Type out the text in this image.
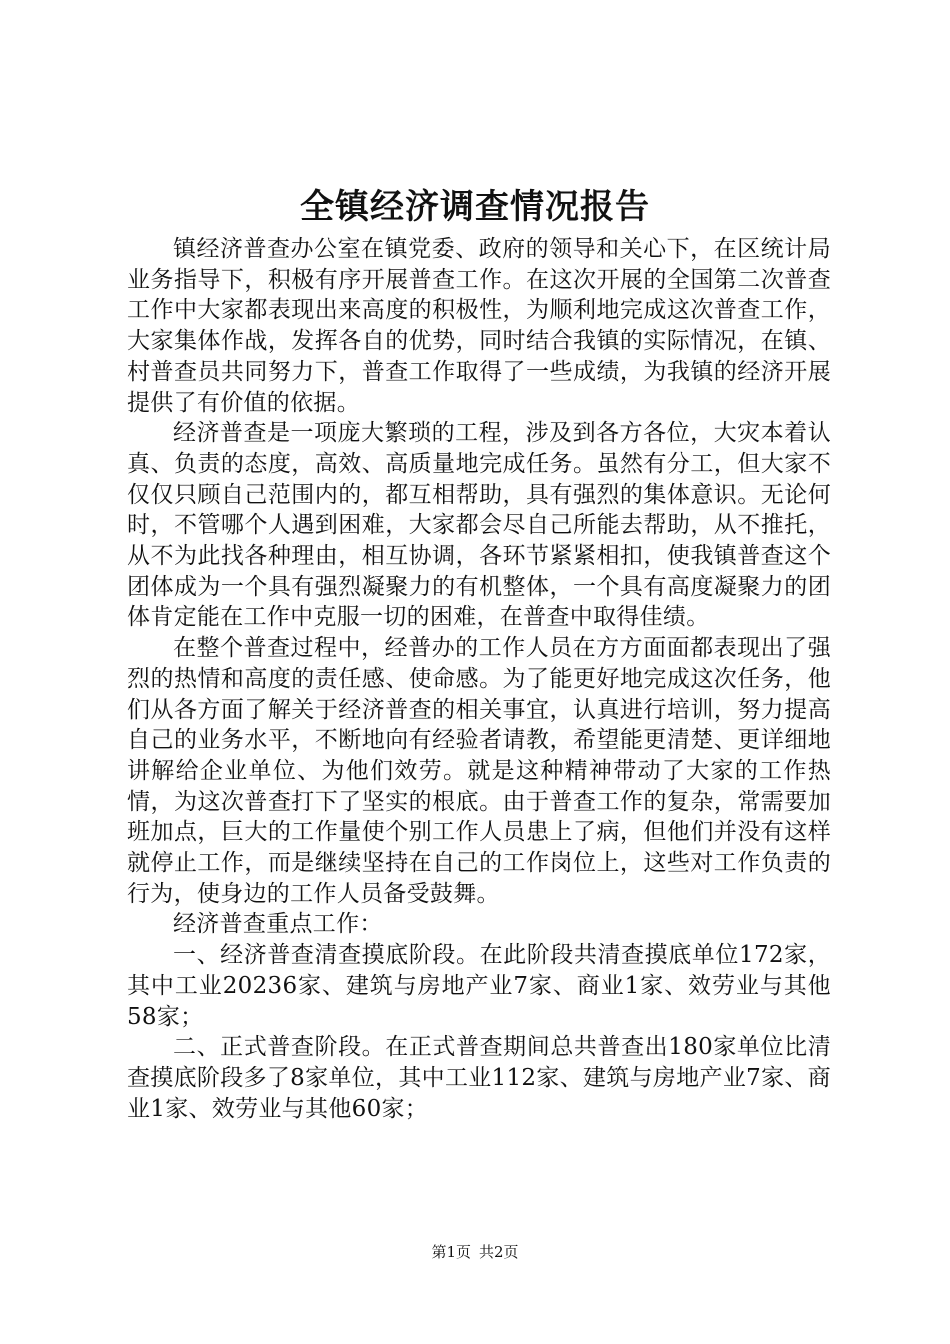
全镇经济调查情况报告

镇经济普查办公室在镇党委、政府的领导和关心下，在区统计局业务指导下，积极有序开展普查工作。在这次开展的全国第二次普查工作中大家都表现出来高度的积极性，为顺利地完成这次普查工作，大家集体作战，发挥各自的优势，同时结合我镇的实际情况，在镇、村普查员共同努力下，普查工作取得了一些成绩，为我镇的经济开展提供了有价值的依据。

经济普查是一项庞大繁琐的工程，涉及到各方各位，大灾本着认真、负责的态度，高效、高质量地完成任务。虽然有分工，但大家不仅仅只顾自己范围内的，都互相帮助，具有强烈的集体意识。无论何时，不管哪个人遇到困难，大家都会尽自己所能去帮助，从不推托，从不为此找各种理由，相互协调，各环节紧紧相扣，使我镇普查这个团体成为一个具有强烈凝聚力的有机整体，一个具有高度凝聚力的团体肯定能在工作中克服一切的困难，在普查中取得佳绩。

在整个普查过程中，经普办的工作人员在方方面面都表现出了强烈的热情和高度的责任感、使命感。为了能更好地完成这次任务，他们从各方面了解关于经济普查的相关事宜，认真进行培训，努力提高自己的业务水平，不断地向有经验者请教，希望能更清楚、更详细地讲解给企业单位、为他们效劳。就是这种精神带动了大家的工作热情，为这次普查打下了坚实的根底。由于普查工作的复杂，常需要加班加点，巨大的工作量使个别工作人员患上了病，但他们并没有这样就停止工作，而是继续坚持在自己的工作岗位上，这些对工作负责的行为，使身边的工作人员备受鼓舞。

经济普查重点工作：

一、经济普查清查摸底阶段。在此阶段共清查摸底单位172家，其中工业20236家、建筑与房地产业7家、商业1家、效劳业与其他58家；

二、正式普查阶段。在正式普查期间总共普查出180家单位比清查摸底阶段多了8家单位，其中工业112家、建筑与房地产业7家、商业1家、效劳业与其他60家；

第1页 共2页
